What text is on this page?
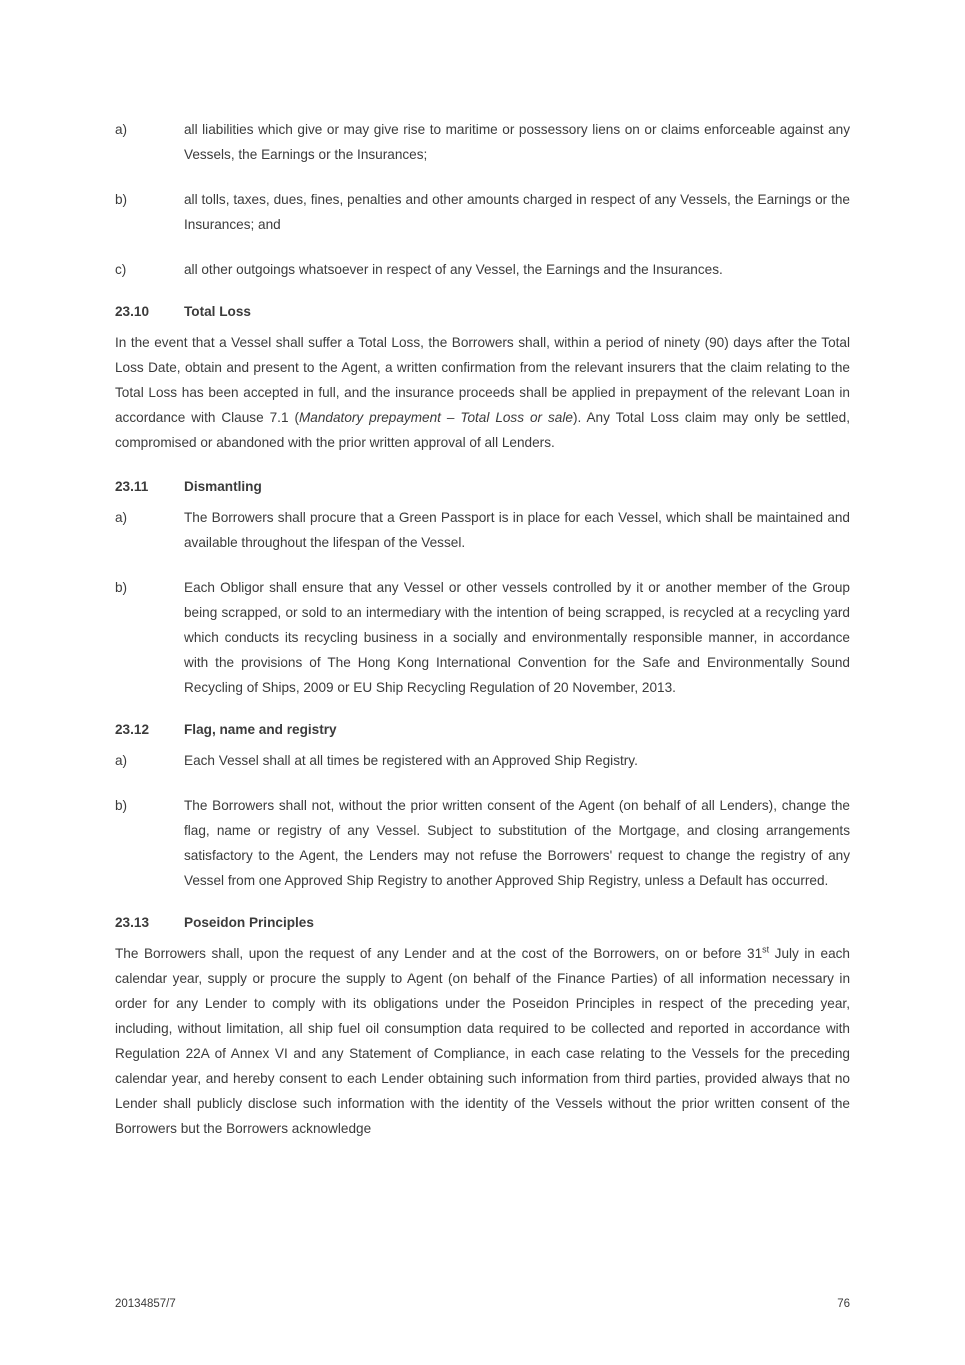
a)	all liabilities which give or may give rise to maritime or possessory liens on or claims enforceable against any Vessels, the Earnings or the Insurances;
b)	all tolls, taxes, dues, fines, penalties and other amounts charged in respect of any Vessels, the Earnings or the Insurances; and
c)	all other outgoings whatsoever in respect of any Vessel, the Earnings and the Insurances.
23.10	Total Loss

In the event that a Vessel shall suffer a Total Loss, the Borrowers shall, within a period of ninety (90) days after the Total Loss Date, obtain and present to the Agent, a written confirmation from the relevant insurers that the claim relating to the Total Loss has been accepted in full, and the insurance proceeds shall be applied in prepayment of the relevant Loan in accordance with Clause 7.1 (Mandatory prepayment – Total Loss or sale). Any Total Loss claim may only be settled, compromised or abandoned with the prior written approval of all Lenders.

23.11	Dismantling
a)	The Borrowers shall procure that a Green Passport is in place for each Vessel, which shall be maintained and available throughout the lifespan of the Vessel.
b)	Each Obligor shall ensure that any Vessel or other vessels controlled by it or another member of the Group being scrapped, or sold to an intermediary with the intention of being scrapped, is recycled at a recycling yard which conducts its recycling business in a socially and environmentally responsible manner, in accordance with the provisions of The Hong Kong International Convention for the Safe and Environmentally Sound Recycling of Ships, 2009 or EU Ship Recycling Regulation of 20 November, 2013.
23.12	Flag, name and registry
a)	Each Vessel shall at all times be registered with an Approved Ship Registry.
b)	The Borrowers shall not, without the prior written consent of the Agent (on behalf of all Lenders), change the flag, name or registry of any Vessel. Subject to substitution of the Mortgage, and closing arrangements satisfactory to the Agent, the Lenders may not refuse the Borrowers' request to change the registry of any Vessel from one Approved Ship Registry to another Approved Ship Registry, unless a Default has occurred.
23.13	Poseidon Principles

The Borrowers shall, upon the request of any Lender and at the cost of the Borrowers, on or before 31st July in each calendar year, supply or procure the supply to Agent (on behalf of the Finance Parties) of all information necessary in order for any Lender to comply with its obligations under the Poseidon Principles in respect of the preceding year, including, without limitation, all ship fuel oil consumption data required to be collected and reported in accordance with Regulation 22A of Annex VI and any Statement of Compliance, in each case relating to the Vessels for the preceding calendar year, and hereby consent to each Lender obtaining such information from third parties, provided always that no Lender shall publicly disclose such information with the identity of the Vessels without the prior written consent of the Borrowers but the Borrowers acknowledge

20134857/7	76
